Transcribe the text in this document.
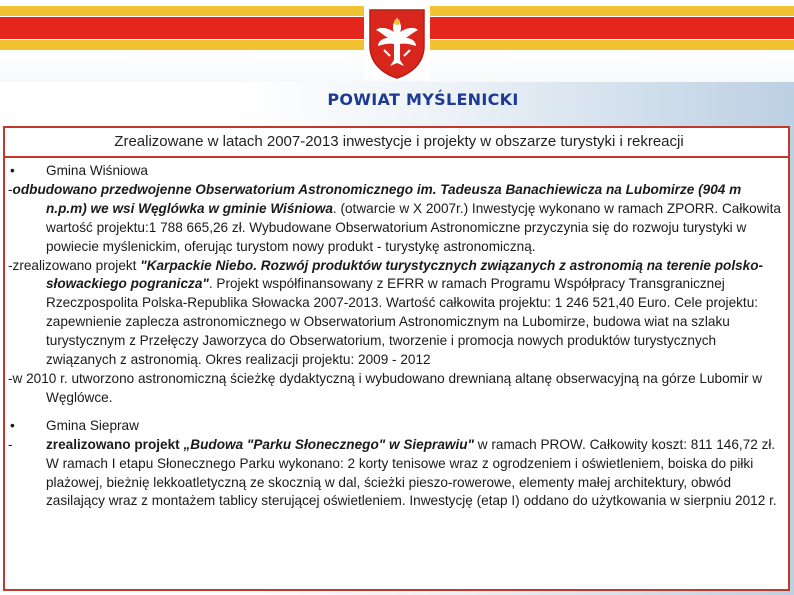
POWIAT MYŚLENICKI
Zrealizowane w latach 2007-2013 inwestycje i projekty w obszarze turystyki i rekreacji
•	Gmina Wiśniowa
-odbudowano przedwojenne Obserwatorium Astronomicznego im. Tadeusza Banachiewicza na Lubomirze (904 m n.p.m) we wsi Węglówka w gminie Wiśniowa. (otwarcie w X 2007r.) Inwestycję wykonano w ramach ZPORR. Całkowita wartość projektu:1 788 665,26 zł. Wybudowane Obserwatorium Astronomiczne przyczynia się do rozwoju turystyki w powiecie myślenickim, oferując turystom nowy produkt - turystykę astronomiczną.
-zrealizowano projekt "Karpackie Niebo. Rozwój produktów turystycznych związanych z astronomią na terenie polsko-słowackiego pogranicza". Projekt współfinansowany z EFRR w ramach Programu Współpracy Transgranicznej Rzeczpospolita Polska-Republika Słowacka 2007-2013. Wartość całkowita projektu: 1 246 521,40 Euro. Cele projektu: zapewnienie zaplecza astronomicznego w Obserwatorium Astronomicznym na Lubomirze, budowa wiat na szlaku turystycznym z Przełęczy Jaworzyca do Obserwatorium, tworzenie i promocja nowych produktów turystycznych związanych z astronomią. Okres realizacji projektu: 2009 - 2012
-w 2010 r. utworzono astronomiczną ścieżkę dydaktyczną i wybudowano drewnianą altanę obserwacyjną na górze Lubomir w Węglówce.
•	Gmina Siepraw
- zrealizowano projekt „Budowa "Parku Słonecznego" w Sieprawiu" w ramach PROW. Całkowity koszt: 811 146,72 zł. W ramach I etapu Słonecznego Parku wykonano: 2 korty tenisowe wraz z ogrodzeniem i oświetleniem, boiska do piłki plażowej, bieżnię lekkoatletyczną ze skocznią w dal, ścieżki pieszo-rowerowe, elementy małej architektury, obwód zasilający wraz z montażem tablicy sterującej oświetleniem. Inwestycję (etap I) oddano do użytkowania w sierpniu 2012 r.
